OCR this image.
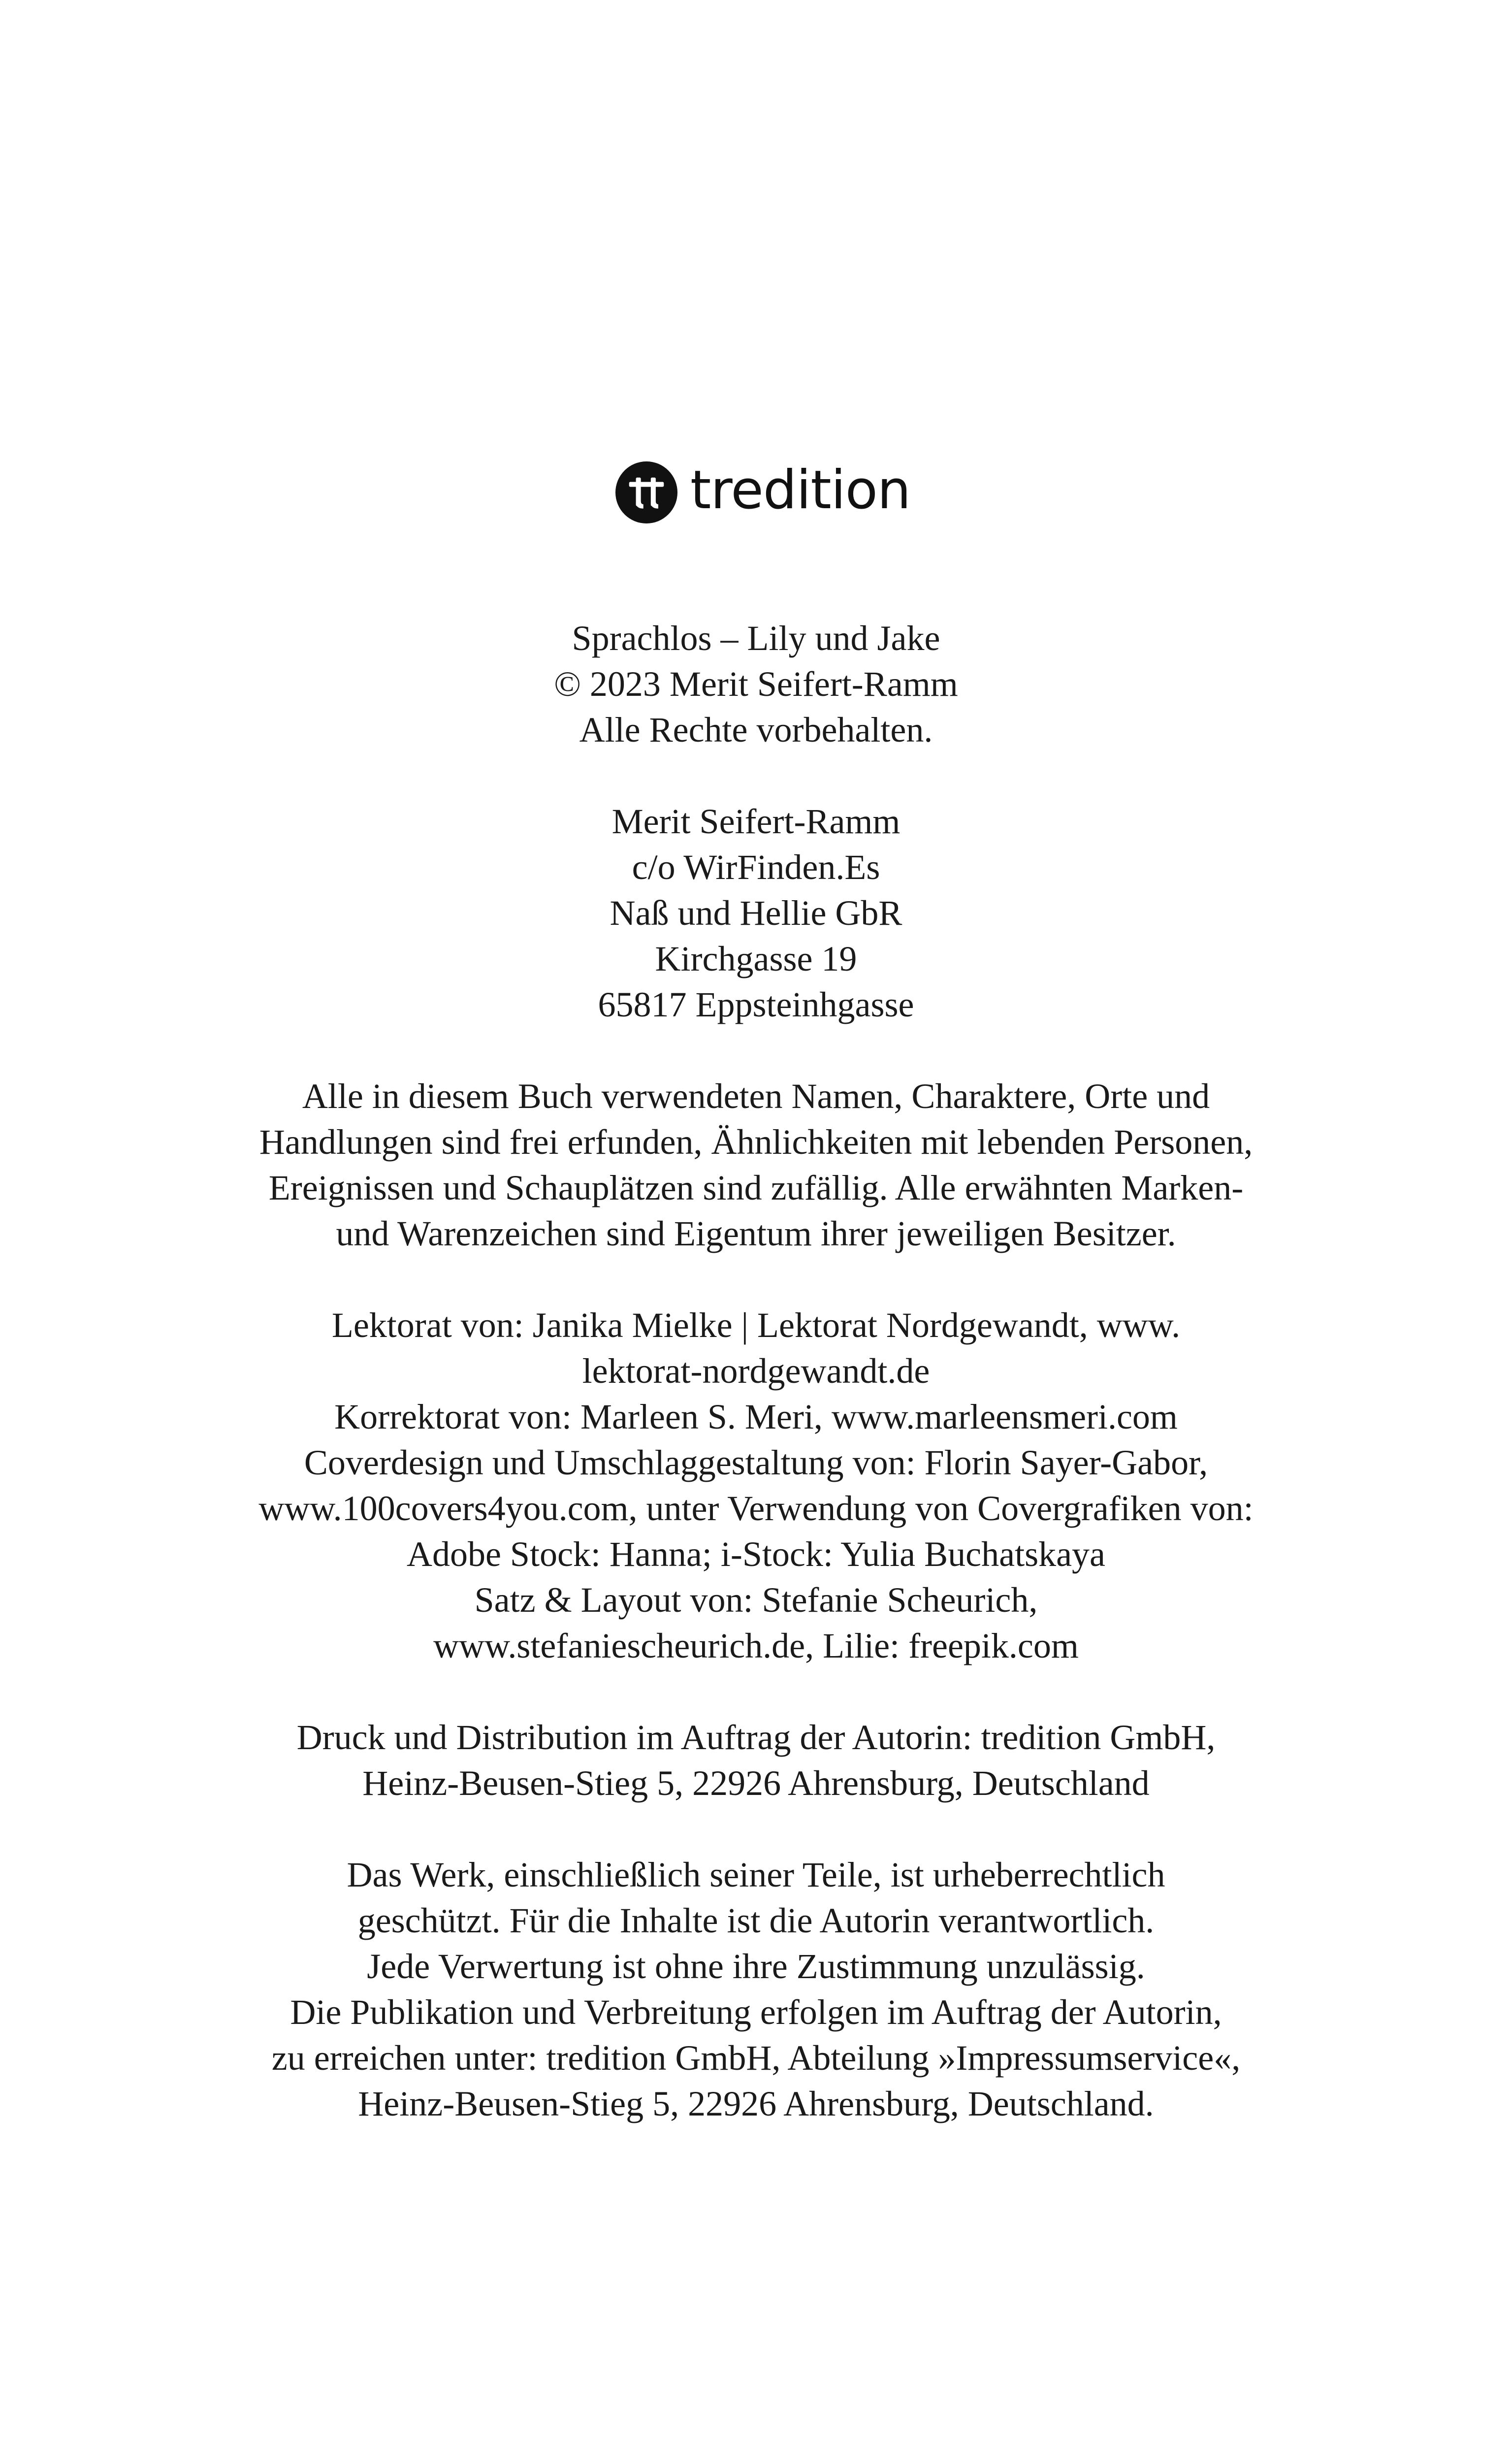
tredition
Sprachlos – Lily und Jake
© 2023 Merit Seifert-Ramm
Alle Rechte vorbehalten.
Merit Seifert-Ramm
c/o WirFinden.Es
Naß und Hellie GbR
Kirchgasse 19
65817 Eppsteinhgasse
Alle in diesem Buch verwendeten Namen, Charaktere, Orte und
Handlungen sind frei erfunden, Ähnlichkeiten mit lebenden Personen,
Ereignissen und Schauplätzen sind zufällig. Alle erwähnten Marken-
und Warenzeichen sind Eigentum ihrer jeweiligen Besitzer.
Lektorat von: Janika Mielke | Lektorat Nordgewandt, www.
lektorat-nordgewandt.de
Korrektorat von: Marleen S. Meri, www.marleensmeri.com
Coverdesign und Umschlaggestaltung von: Florin Sayer-Gabor,
www.100covers4you.com, unter Verwendung von Covergrafiken von:
Adobe Stock: Hanna; i-Stock: Yulia Buchatskaya
Satz & Layout von: Stefanie Scheurich,
www.stefaniescheurich.de, Lilie: freepik.com
Druck und Distribution im Auftrag der Autorin: tredition GmbH,
Heinz-Beusen-Stieg 5, 22926 Ahrensburg, Deutschland
Das Werk, einschließlich seiner Teile, ist urheberrechtlich
geschützt. Für die Inhalte ist die Autorin verantwortlich.
Jede Verwertung ist ohne ihre Zustimmung unzulässig.
Die Publikation und Verbreitung erfolgen im Auftrag der Autorin,
zu erreichen unter: tredition GmbH, Abteilung »Impressumservice«,
Heinz-Beusen-Stieg 5, 22926 Ahrensburg, Deutschland.
